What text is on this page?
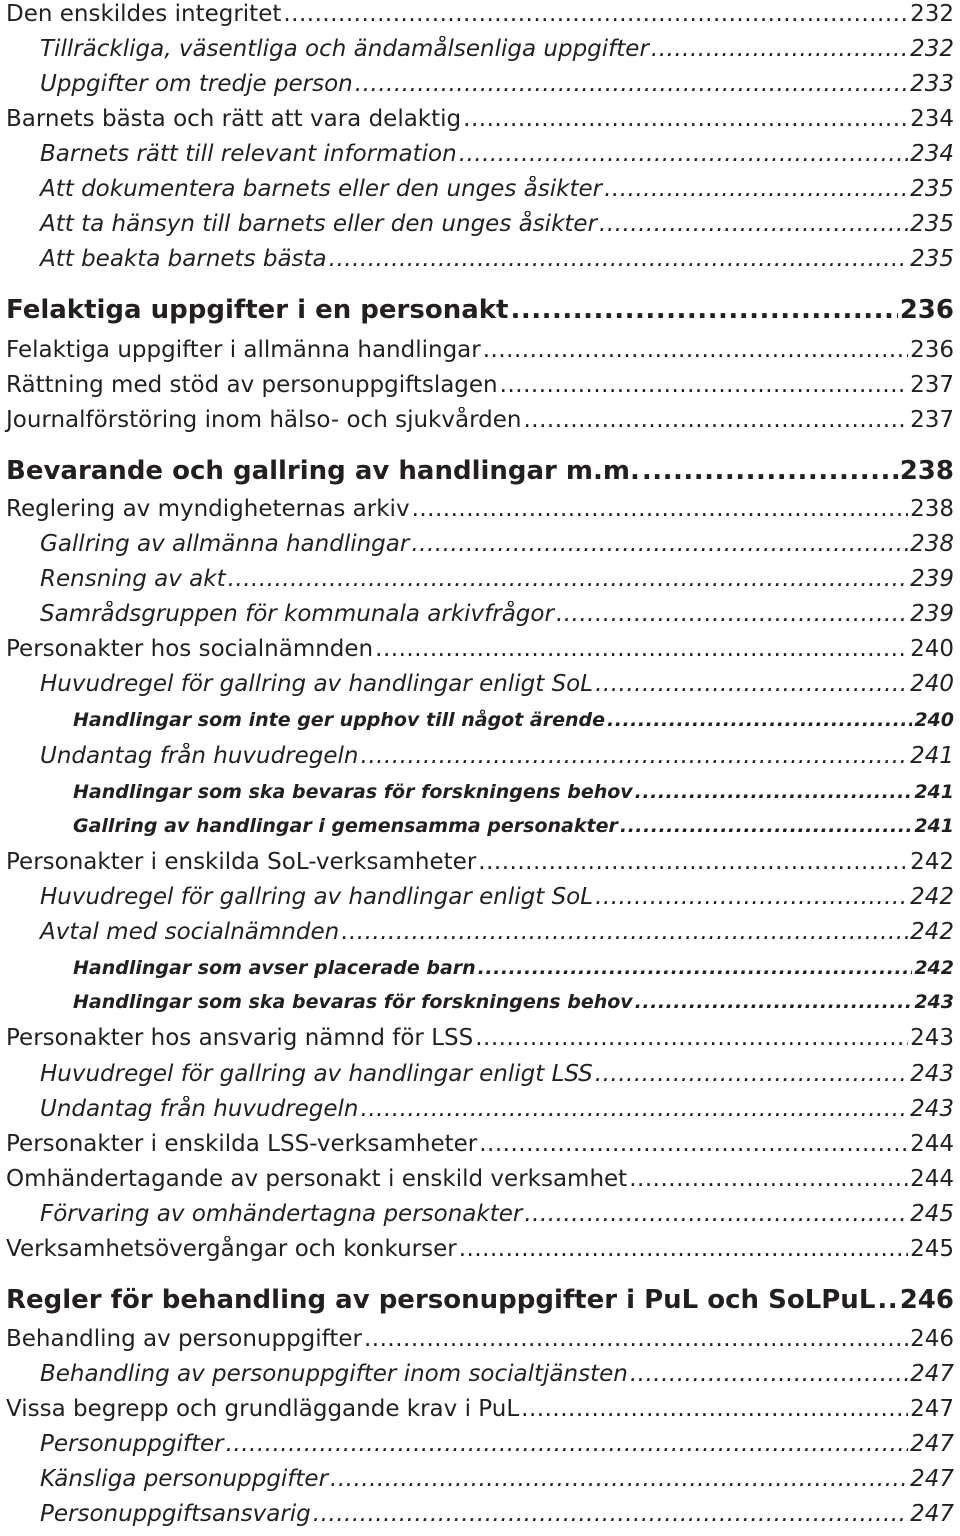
Den enskildes integritet .....	232
Tillräckliga, väsentliga och ändamålsenliga uppgifter .....	232
Uppgifter om tredje person .....	233
Barnets bästa och rätt att vara delaktig .....	234
Barnets rätt till relevant information .....	234
Att dokumentera barnets eller den unges åsikter .....	235
Att ta hänsyn till barnets eller den unges åsikter .....	235
Att beakta barnets bästa .....	235
Felaktiga uppgifter i en personakt .....	236
Felaktiga uppgifter i allmänna handlingar .....	236
Rättning med stöd av personuppgiftslagen .....	237
Journalförstöring inom hälso- och sjukvården .....	237
Bevarande och gallring av handlingar m.m. .....	238
Reglering av myndigheternas arkiv .....	238
Gallring av allmänna handlingar .....	238
Rensning av akt .....	239
Samrådsgruppen för kommunala arkivfrågor .....	239
Personakter hos socialnämnden .....	240
Huvudregel för gallring av handlingar enligt SoL .....	240
Handlingar som inte ger upphov till något ärende .....	240
Undantag från huvudregeln .....	241
Handlingar som ska bevaras för forskningens behov .....	241
Gallring av handlingar i gemensamma personakter .....	241
Personakter i enskilda SoL-verksamheter .....	242
Huvudregel för gallring av handlingar enligt SoL .....	242
Avtal med socialnämnden .....	242
Handlingar som avser placerade barn .....	242
Handlingar som ska bevaras för forskningens behov .....	243
Personakter hos ansvarig nämnd för LSS .....	243
Huvudregel för gallring av handlingar enligt LSS .....	243
Undantag från huvudregeln .....	243
Personakter i enskilda LSS-verksamheter .....	244
Omhändertagande av personakt i enskild verksamhet .....	244
Förvaring av omhändertagna personakter .....	245
Verksamhetsövergångar och konkurser .....	245
Regler för behandling av personuppgifter i PuL och SoLPuL ..... 246
Behandling av personuppgifter .....	246
Behandling av personuppgifter inom socialtjänsten .....	247
Vissa begrepp och grundläggande krav i PuL .....	247
Personuppgifter .....	247
Känsliga personuppgifter .....	247
Personuppgiftsansvarig .....	247
